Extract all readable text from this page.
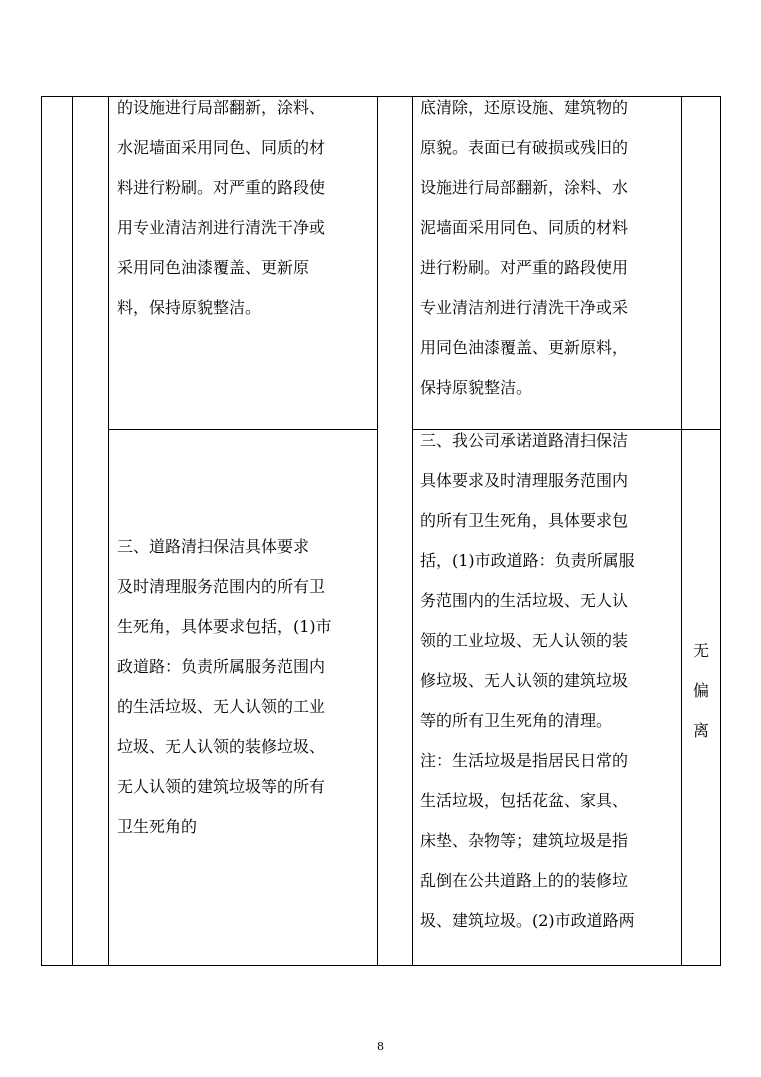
的设施进行局部翻新，涂料、
水泥墙面采用同色、同质的材
料进行粉刷。对严重的路段使
用专业清洁剂进行清洗干净或
采用同色油漆覆盖、更新原
料，保持原貌整洁。
底清除，还原设施、建筑物的
原貌。表面已有破损或残旧的
设施进行局部翻新，涂料、水
泥墙面采用同色、同质的材料
进行粉刷。对严重的路段使用
专业清洁剂进行清洗干净或采
用同色油漆覆盖、更新原料，
保持原貌整洁。
三、道路清扫保洁具体要求
及时清理服务范围内的所有卫
生死角，具体要求包括，(1)市
政道路：负责所属服务范围内
的生活垃圾、无人认领的工业
垃圾、无人认领的装修垃圾、
无人认领的建筑垃圾等的所有
卫生死角的
三、我公司承诺道路清扫保洁
具体要求及时清理服务范围内
的所有卫生死角，具体要求包
括，(1)市政道路：负责所属服
务范围内的生活垃圾、无人认
领的工业垃圾、无人认领的装
修垃圾、无人认领的建筑垃圾
等的所有卫生死角的清理。
注：生活垃圾是指居民日常的
生活垃圾，包括花盆、家具、
床垫、杂物等；建筑垃圾是指
乱倒在公共道路上的的装修垃
圾、建筑垃圾。(2)市政道路两
无
偏
离
8
